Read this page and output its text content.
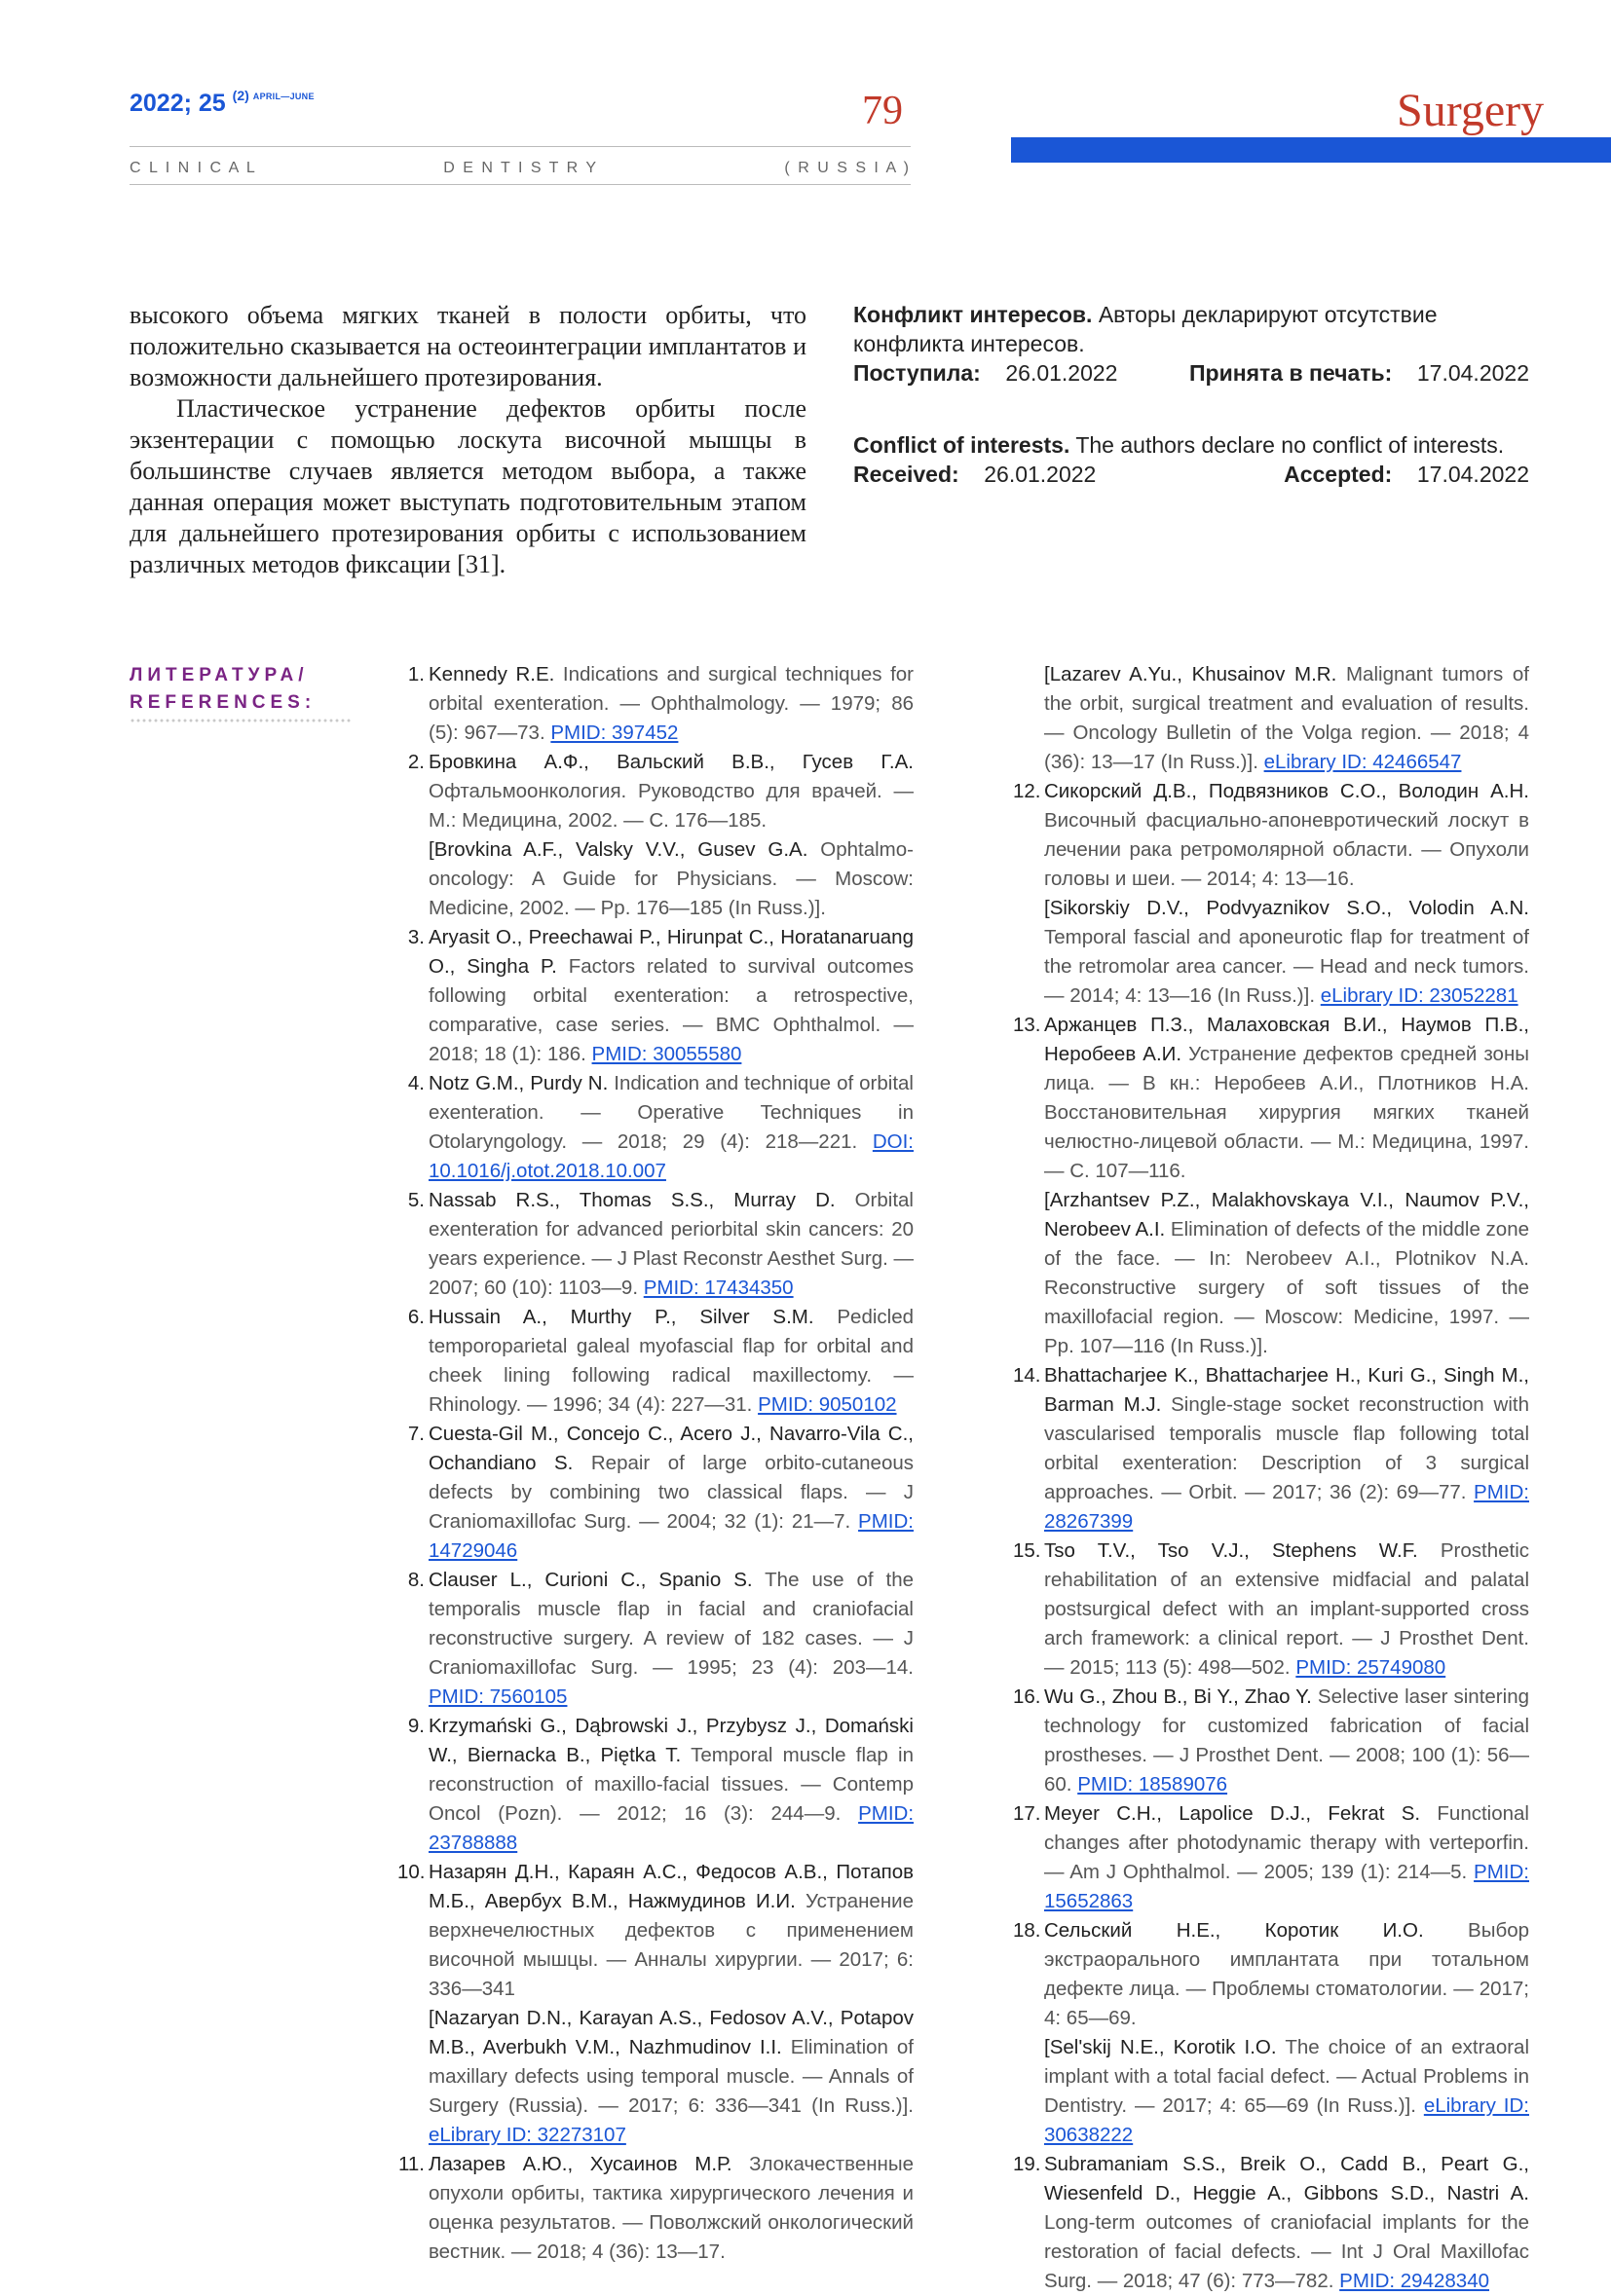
2022; 25 $^{(2)}$ $^{APRIL—JUNE}$	79
C L I N I C A L	D E N T I S T R Y	( R U S S I A )
Surgery

высокого объема мягких тканей в полости орбиты, что положительно сказывается на остеоинтеграции имплантатов и возможности дальнейшего протезирования.

Пластическое устранение дефектов орбиты после экзентерации с помощью лоскута височной мышцы в большинстве случаев является методом выбора, а также данная операция может выступать подготовительным этапом для дальнейшего протезирования орбиты с использованием различных методов фиксации [31].

Конфликт интересов. Авторы декларируют отсутствие конфликта интересов.
Поступила: 26.01.2022	Принята в печать: 17.04.2022
Conflict of interests. The authors declare no conflict of interests.
Received: 26.01.2022	Accepted: 17.04.2022
ЛИТЕРАТУРА/
REFERENCES:
1. Kennedy R.E. Indications and surgical techniques for orbital exenteration. — Ophthalmology. — 1979; 86 (5): 967—73. PMID: 397452
2. Бровкина А.Ф., Вальский В.В., Гусев Г.А. Офтальмоонкология. Руководство для врачей. — М.: Медицина, 2002. — С. 176—185.
[Brovkina A.F., Valsky V.V., Gusev G.A. Ophtalmo-oncology: A Guide for Physicians. — Moscow: Medicine, 2002. — Pp. 176—185 (In Russ.)].
3. Aryasit O., Preechawai P., Hirunpat C., Horatanaruang O., Singha P. Factors related to survival outcomes following orbital exenteration: a retrospective, comparative, case series. — BMC Ophthalmol. — 2018; 18 (1): 186. PMID: 30055580
4. Notz G.M., Purdy N. Indication and technique of orbital exenteration. — Operative Techniques in Otolaryngology. — 2018; 29 (4): 218—221. DOI: 10.1016/j.otot.2018.10.007
5. Nassab R.S., Thomas S.S., Murray D. Orbital exenteration for advanced periorbital skin cancers: 20 years experience. — J Plast Reconstr Aesthet Surg. — 2007; 60 (10): 1103—9. PMID: 17434350
6. Hussain A., Murthy P., Silver S.M. Pedicled temporoparietal galeal myofascial flap for orbital and cheek lining following radical maxillectomy. — Rhinology. — 1996; 34 (4): 227—31. PMID: 9050102
7. Cuesta-Gil M., Concejo C., Acero J., Navarro-Vila C., Ochandiano S. Repair of large orbito-cutaneous defects by combining two classical flaps. — J Craniomaxillofac Surg. — 2004; 32 (1): 21—7. PMID: 14729046
8. Clauser L., Curioni C., Spanio S. The use of the temporalis muscle flap in facial and craniofacial reconstructive surgery. A review of 182 cases. — J Craniomaxillofac Surg. — 1995; 23 (4): 203—14. PMID: 7560105
9. Krzymański G., Dąbrowski J., Przybysz J., Domański W., Biernacka B., Piętka T. Temporal muscle flap in reconstruction of maxillo-facial tissues. — Contemp Oncol (Pozn). — 2012; 16 (3): 244—9. PMID: 23788888
10. Назарян Д.Н., Караян А.С., Федосов А.В., Потапов М.Б., Авербух В.М., Нажмудинов И.И. Устранение верхнечелюстных дефектов с применением височной мышцы. — Анналы хирургии. — 2017; 6: 336—341
[Nazaryan D.N., Karayan A.S., Fedosov A.V., Potapov M.B., Averbukh V.M., Nazhmudinov I.I. Elimination of maxillary defects using temporal muscle. — Annals of Surgery (Russia). — 2017; 6: 336—341 (In Russ.)]. eLibrary ID: 32273107
11. Лазарев А.Ю., Хусаинов М.Р. Злокачественные опухоли орбиты, тактика хирургического лечения и оценка результатов. — Поволжский онкологический вестник. — 2018; 4 (36): 13—17.
[Lazarev A.Yu., Khusainov M.R. Malignant tumors of the orbit, surgical treatment and evaluation of results. — Oncology Bulletin of the Volga region. — 2018; 4 (36): 13—17 (In Russ.)]. eLibrary ID: 42466547
12. Сикорский Д.В., Подвязников С.О., Володин А.Н. Височный фасциально-апоневротический лоскут в лечении рака ретромолярной области. — Опухоли головы и шеи. — 2014; 4: 13—16.
[Sikorskiy D.V., Podvyaznikov S.O., Volodin A.N. Temporal fascial and aponeurotic flap for treatment of the retromolar area cancer. — Head and neck tumors. — 2014; 4: 13—16 (In Russ.)]. eLibrary ID: 23052281
13. Аржанцев П.З., Малаховская В.И., Наумов П.В., Неробеев А.И. Устранение дефектов средней зоны лица. — В кн.: Неробеев А.И., Плотников Н.А. Восстановительная хирургия мягких тканей челюстно-лицевой области. — М.: Медицина, 1997. — С. 107—116.
[Arzhantsev P.Z., Malakhovskaya V.I., Naumov P.V., Nerobeev A.I. Elimination of defects of the middle zone of the face. — In: Nerobeev A.I., Plotnikov N.A. Reconstructive surgery of soft tissues of the maxillofacial region. — Moscow: Medicine, 1997. — Pp. 107—116 (In Russ.)].
14. Bhattacharjee K., Bhattacharjee H., Kuri G., Singh M., Barman M.J. Single-stage socket reconstruction with vascularised temporalis muscle flap following total orbital exenteration: Description of 3 surgical approaches. — Orbit. — 2017; 36 (2): 69—77. PMID: 28267399
15. Tso T.V., Tso V.J., Stephens W.F. Prosthetic rehabilitation of an extensive midfacial and palatal postsurgical defect with an implant-supported cross arch framework: a clinical report. — J Prosthet Dent. — 2015; 113 (5): 498—502. PMID: 25749080
16. Wu G., Zhou B., Bi Y., Zhao Y. Selective laser sintering technology for customized fabrication of facial prostheses. — J Prosthet Dent. — 2008; 100 (1): 56—60. PMID: 18589076
17. Meyer C.H., Lapolice D.J., Fekrat S. Functional changes after photodynamic therapy with verteporfin. — Am J Ophthalmol. — 2005; 139 (1): 214—5. PMID: 15652863
18. Сельский Н.Е., Коротик И.О. Выбор экстраорального имплантата при тотальном дефекте лица. — Проблемы стоматологии. — 2017; 4: 65—69.
[Sel'skij N.E., Korotik I.O. The choice of an extraoral implant with a total facial defect. — Actual Problems in Dentistry. — 2017; 4: 65—69 (In Russ.)]. eLibrary ID: 30638222
19. Subramaniam S.S., Breik O., Cadd B., Peart G., Wiesenfeld D., Heggie A., Gibbons S.D., Nastri A. Long-term outcomes of craniofacial implants for the restoration of facial defects. — Int J Oral Maxillofac Surg. — 2018; 47 (6): 773—782. PMID: 29428340
